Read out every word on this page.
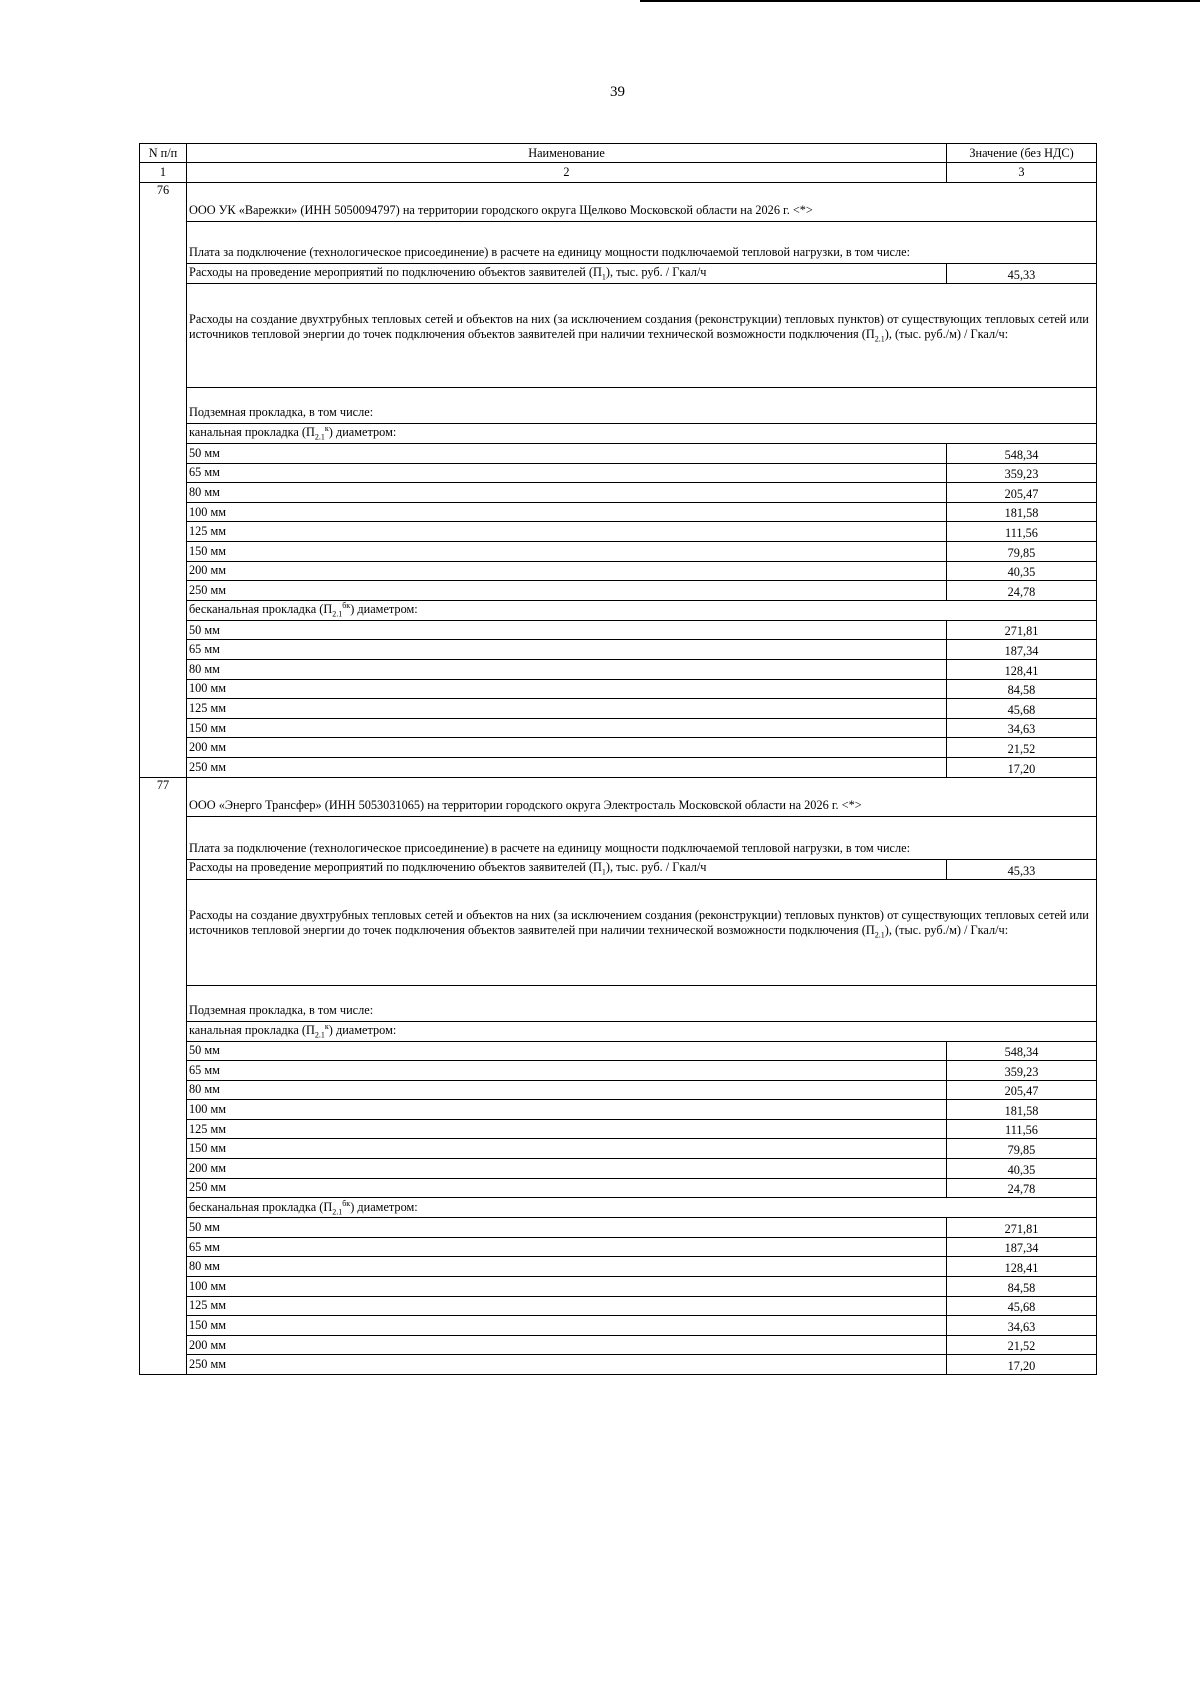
39
N п/п	Наименование	Значение (без НДС)
1	2	3
76	ООО УК «Варежки» (ИНН 5050094797) на территории городского округа Щелково Московской области на 2026 г. <*>	
	Плата за подключение (технологическое присоединение) в расчете на единицу мощности подключаемой тепловой нагрузки, в том числе:	
	Расходы на проведение мероприятий по подключению объектов заявителей $(П_1)$, тыс. руб. / Гкал/ч	45,33
	Расходы на создание двухтрубных тепловых сетей и объектов на них (за исключением создания (реконструкции) тепловых пунктов) от существующих тепловых сетей или источников тепловой энергии до точек подключения объектов заявителей при наличии технической возможности подключения $(П_{2.1})$, (тыс. руб./м) / Гкал/ч:	
	Подземная прокладка, в том числе:	
	канальная прокладка $(П_{2.1}^к)$ диаметром:	
	50 мм	548,34
	65 мм	359,23
	80 мм	205,47
	100 мм	181,58
	125 мм	111,56
	150 мм	79,85
	200 мм	40,35
	250 мм	24,78
	бесканальная прокладка $(П_{2.1}^{бк})$ диаметром:	
	50 мм	271,81
	65 мм	187,34
	80 мм	128,41
	100 мм	84,58
	125 мм	45,68
	150 мм	34,63
	200 мм	21,52
	250 мм	17,20
77	ООО «Энерго Трансфер» (ИНН 5053031065) на территории городского округа Электросталь Московской области на 2026 г. <*>	
	Плата за подключение (технологическое присоединение) в расчете на единицу мощности подключаемой тепловой нагрузки, в том числе:	
	Расходы на проведение мероприятий по подключению объектов заявителей $(П_1)$, тыс. руб. / Гкал/ч	45,33
	Расходы на создание двухтрубных тепловых сетей и объектов на них (за исключением создания (реконструкции) тепловых пунктов) от существующих тепловых сетей или источников тепловой энергии до точек подключения объектов заявителей при наличии технической возможности подключения $(П_{2.1})$, (тыс. руб./м) / Гкал/ч:	
	Подземная прокладка, в том числе:	
	канальная прокладка $(П_{2.1}^к)$ диаметром:	
	50 мм	548,34
	65 мм	359,23
	80 мм	205,47
	100 мм	181,58
	125 мм	111,56
	150 мм	79,85
	200 мм	40,35
	250 мм	24,78
	бесканальная прокладка $(П_{2.1}^{бк})$ диаметром:	
	50 мм	271,81
	65 мм	187,34
	80 мм	128,41
	100 мм	84,58
	125 мм	45,68
	150 мм	34,63
	200 мм	21,52
	250 мм	17,20
